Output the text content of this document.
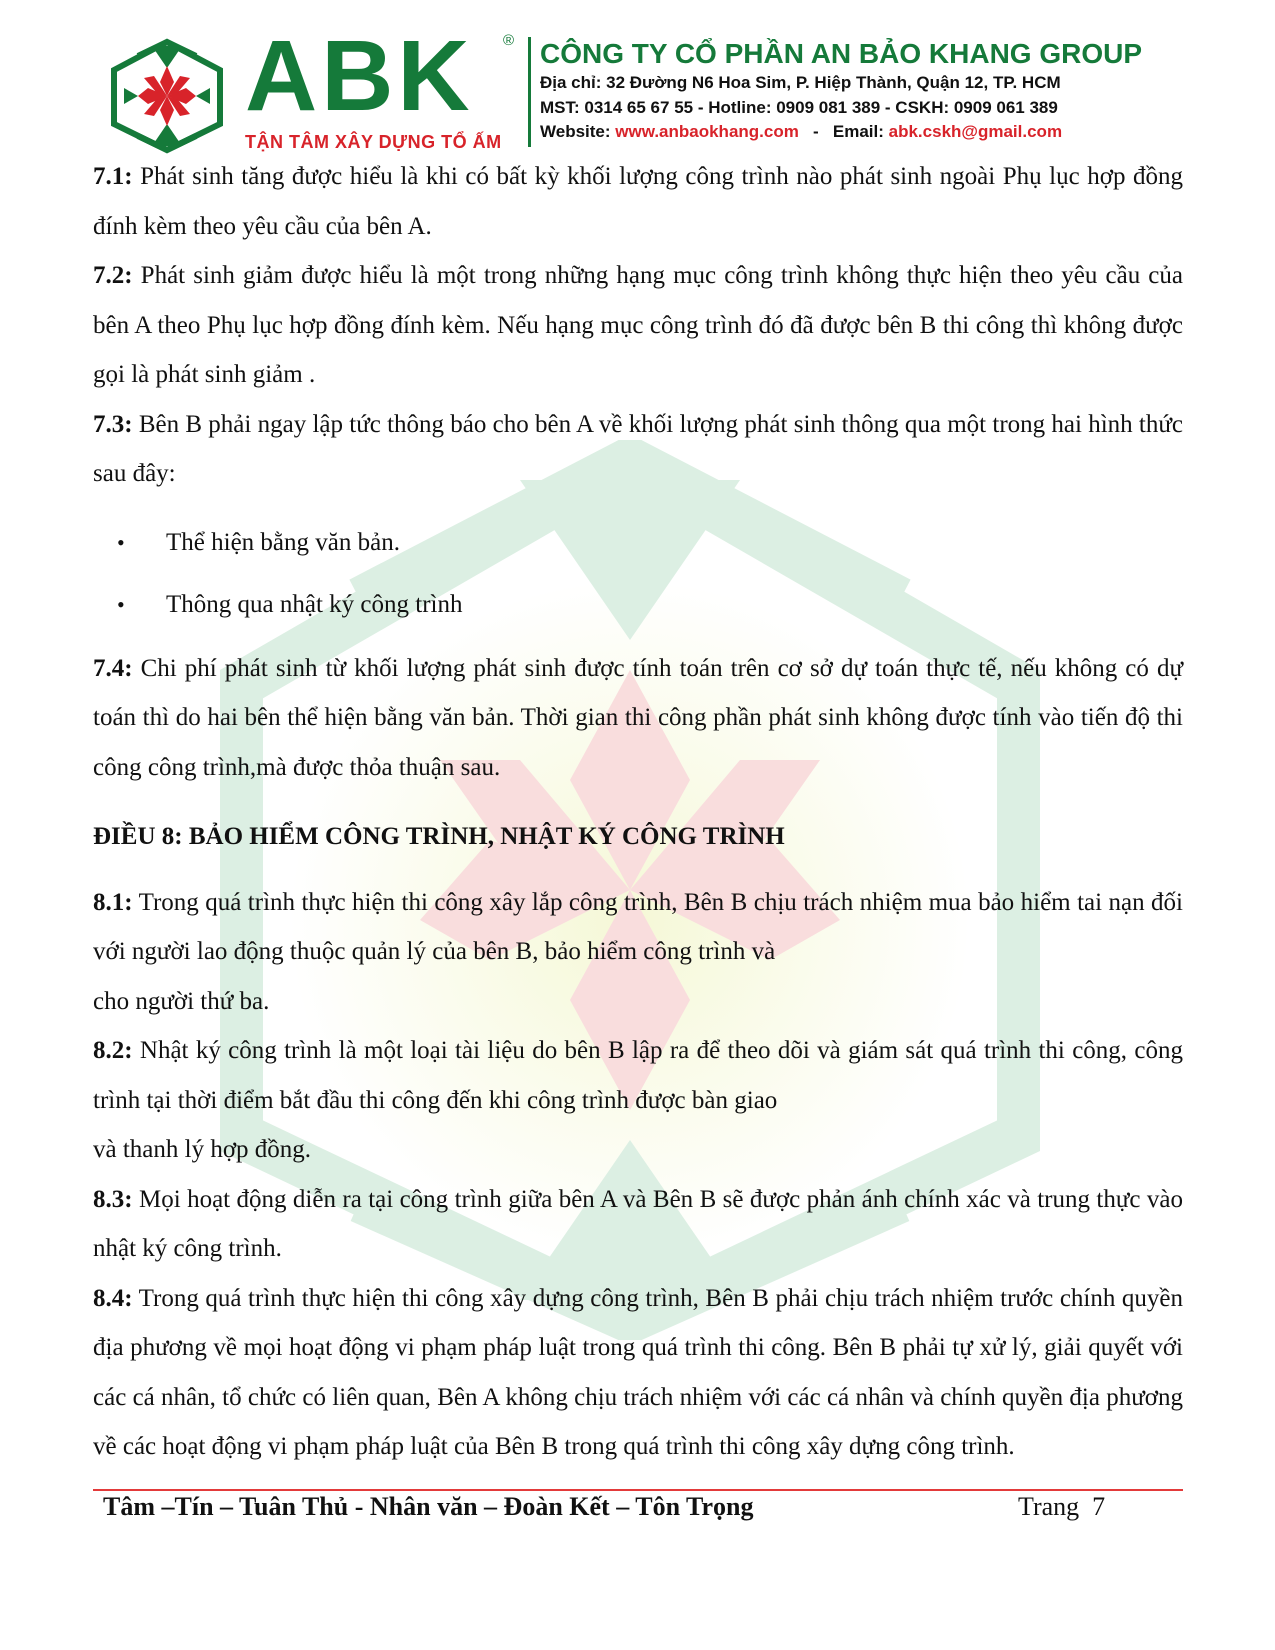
ABK ®
TẬN TÂM XÂY DỰNG TỔ ẤM
CÔNG TY CỔ PHẦN AN BẢO KHANG GROUP
Địa chỉ: 32 Đường N6 Hoa Sim, P. Hiệp Thành, Quận 12, TP. HCM
MST: 0314 65 67 55 - Hotline: 0909 081 389 - CSKH: 0909 061 389
Website: www.anbaokhang.com - Email: abk.cskh@gmail.com

7.1: Phát sinh tăng được hiểu là khi có bất kỳ khối lượng công trình nào phát sinh ngoài Phụ lục hợp đồng đính kèm theo yêu cầu của bên A.

7.2: Phát sinh giảm được hiểu là một trong những hạng mục công trình không thực hiện theo yêu cầu của bên A theo Phụ lục hợp đồng đính kèm. Nếu hạng mục công trình đó đã được bên B thi công thì không được gọi là phát sinh giảm .

7.3: Bên B phải ngay lập tức thông báo cho bên A về khối lượng phát sinh thông qua một trong hai hình thức sau đây:

• Thể hiện bằng văn bản.
• Thông qua nhật ký công trình

7.4: Chi phí phát sinh từ khối lượng phát sinh được tính toán trên cơ sở dự toán thực tế, nếu không có dự toán thì do hai bên thể hiện bằng văn bản. Thời gian thi công phần phát sinh không được tính vào tiến độ thi công công trình,mà được thỏa thuận sau.

ĐIỀU 8: BẢO HIỂM CÔNG TRÌNH, NHẬT KÝ CÔNG TRÌNH

8.1: Trong quá trình thực hiện thi công xây lắp công trình, Bên B chịu trách nhiệm mua bảo hiểm tai nạn đối với người lao động thuộc quản lý của bên B, bảo hiểm công trình và
cho người thứ ba.

8.2: Nhật ký công trình là một loại tài liệu do bên B lập ra để theo dõi và giám sát quá trình thi công, công trình tại thời điểm bắt đầu thi công đến khi công trình được bàn giao
và thanh lý hợp đồng.

8.3: Mọi hoạt động diễn ra tại công trình giữa bên A và Bên B sẽ được phản ánh chính xác và trung thực vào nhật ký công trình.

8.4: Trong quá trình thực hiện thi công xây dựng công trình, Bên B phải chịu trách nhiệm trước chính quyền địa phương về mọi hoạt động vi phạm pháp luật trong quá trình thi công. Bên B phải tự xử lý, giải quyết với các cá nhân, tổ chức có liên quan, Bên A không chịu trách nhiệm với các cá nhân và chính quyền địa phương về các hoạt động vi phạm pháp luật của Bên B trong quá trình thi công xây dựng công trình.

Tâm –Tín – Tuân Thủ - Nhân văn – Đoàn Kết – Tôn Trọng	Trang 7
